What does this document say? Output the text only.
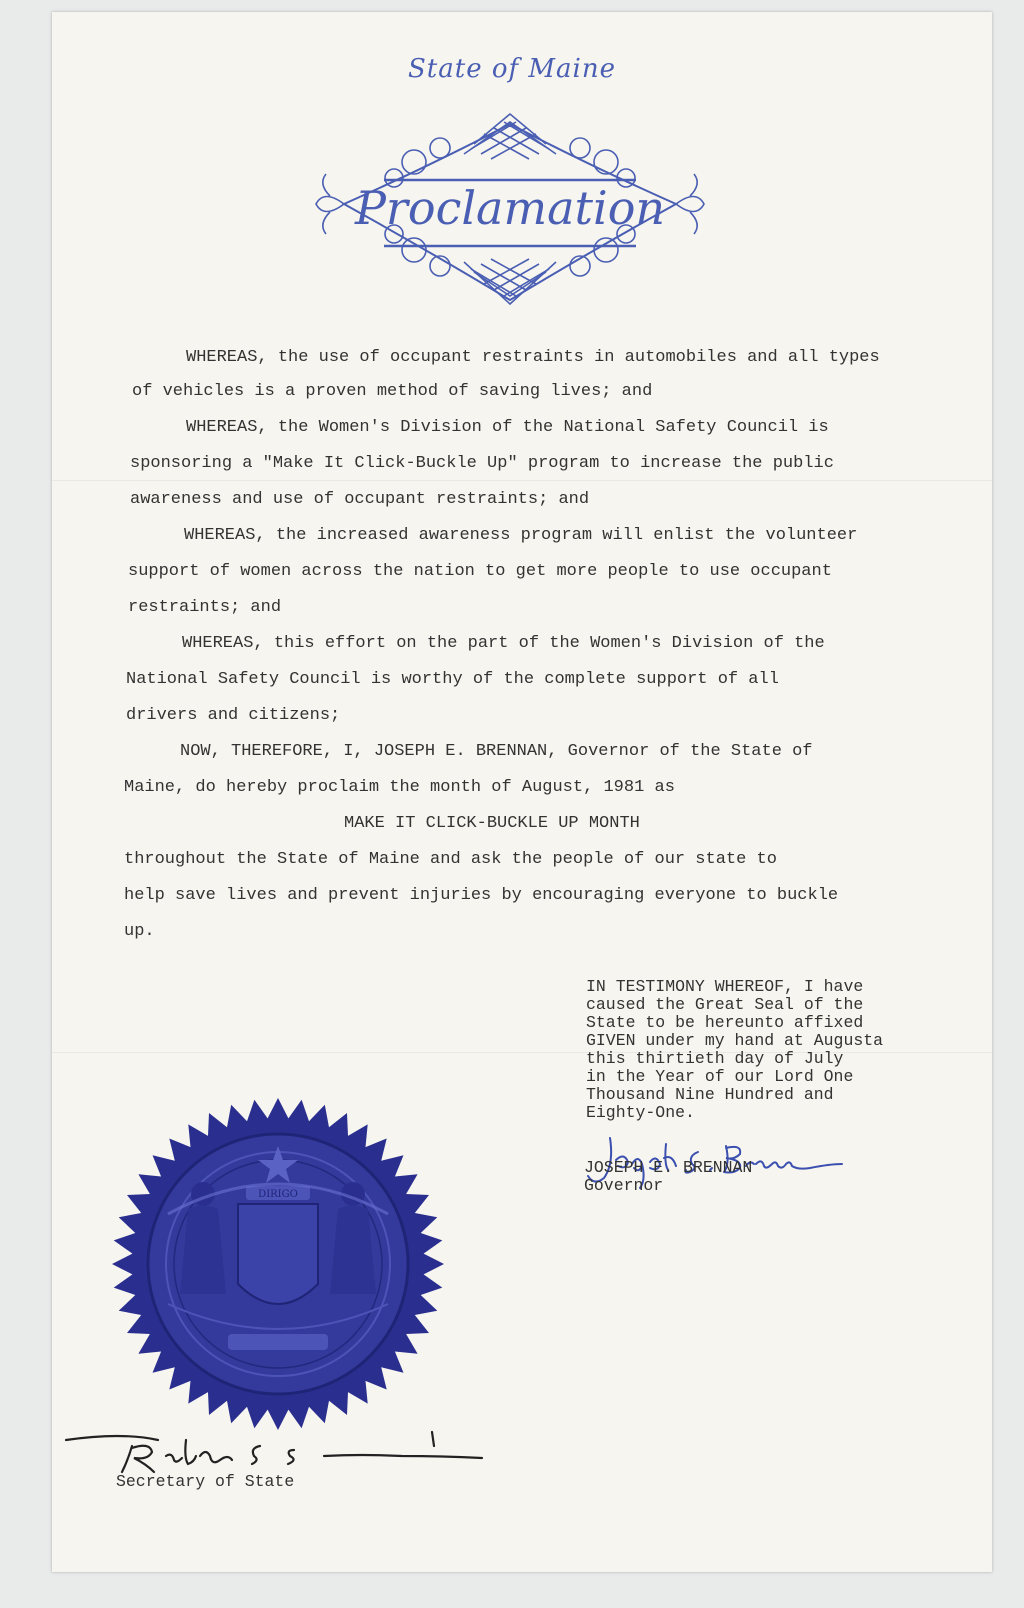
State of Maine
Proclamation
WHEREAS, the use of occupant restraints in automobiles and all types
of vehicles is a proven method of saving lives; and
WHEREAS, the Women's Division of the National Safety Council is
sponsoring a "Make It Click-Buckle Up" program to increase the public
awareness and use of occupant restraints; and
WHEREAS, the increased awareness program will enlist the volunteer
support of women across the nation to get more people to use occupant
restraints; and
WHEREAS, this effort on the part of the Women's Division of the
National Safety Council is worthy of the complete support of all
drivers and citizens;
NOW, THEREFORE, I, JOSEPH E. BRENNAN, Governor of the State of
Maine, do hereby proclaim the month of August, 1981 as
MAKE IT CLICK-BUCKLE UP MONTH
throughout the State of Maine and ask the people of our state to
help save lives and prevent injuries by encouraging everyone to buckle
up.
IN TESTIMONY WHEREOF, I have
caused the Great Seal of the
State to be hereunto affixed
GIVEN under my hand at Augusta
this thirtieth day of July
in the Year of our Lord One
Thousand Nine Hundred and
Eighty-One.
JOSEPH E. BRENNAN
Governor
DIRIGO
Secretary of State
